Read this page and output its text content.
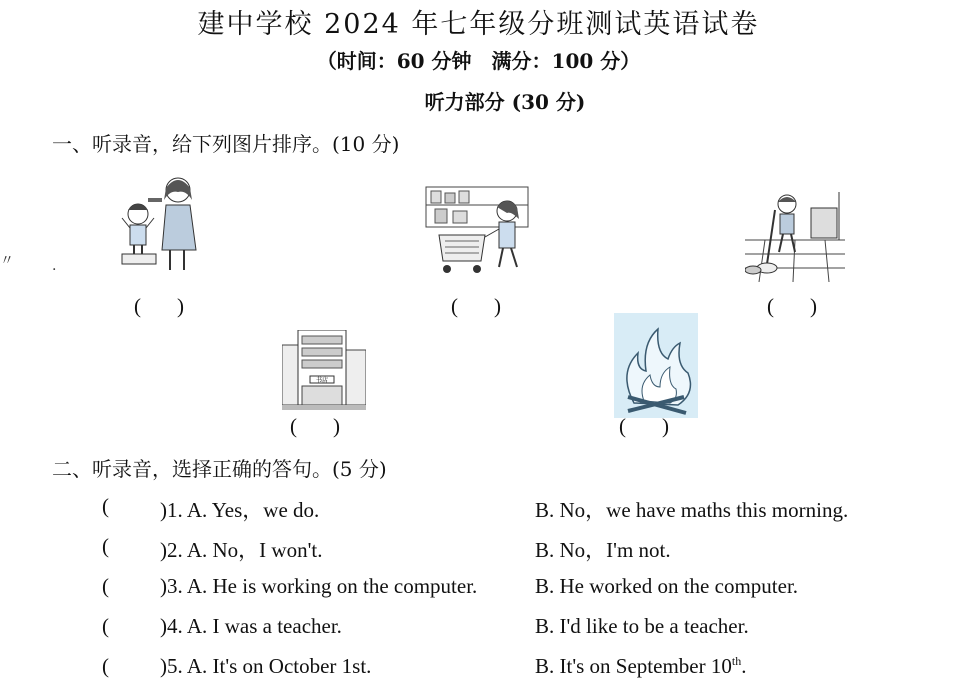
建中学校 2024 年七年级分班测试英语试卷
（时间：60 分钟　满分：100 分）
听力部分 (30 分)
一、听录音，给下列图片排序。(10 分)
〃	.
书店
( )	( )	( )
( )	( )
二、听录音，选择正确的答句。(5 分)
( )1. A. Yes，we do.	B. No，we have maths this morning.
( )2. A. No，I won't.	B. No，I'm not.
( )3. A. He is working on the computer.	B. He worked on the computer.
( )4. A. I was a teacher.	B. I'd like to be a teacher.
( )5. A. It's on October 1st.	B. It's on September 10th.
